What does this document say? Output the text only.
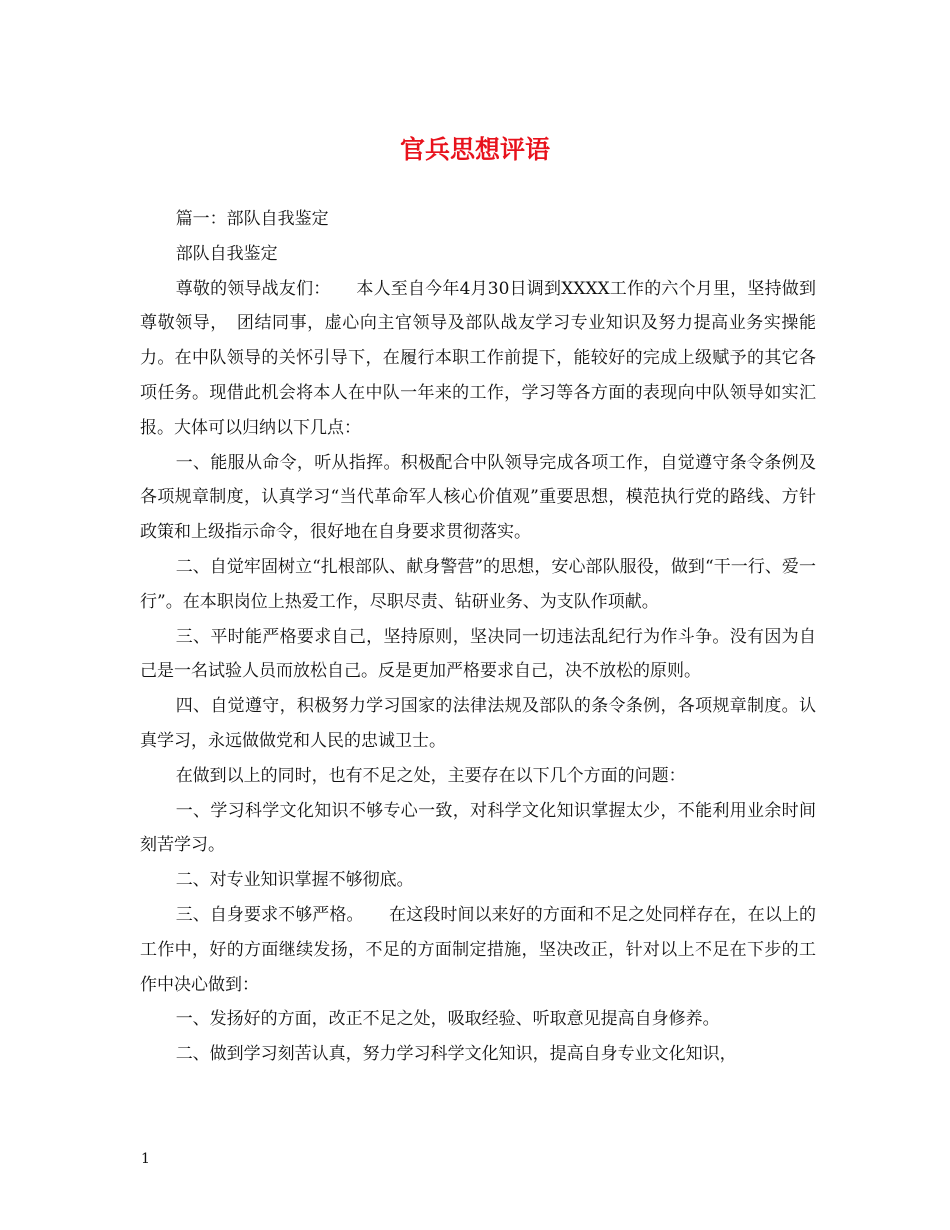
官兵思想评语

篇一：部队自我鉴定

部队自我鉴定

尊敬的领导战友们：　　本人至自今年4月30日调到XXXX工作的六个月里，坚持做到尊敬领导，　团结同事，虚心向主官领导及部队战友学习专业知识及努力提高业务实操能力。在中队领导的关怀引导下，在履行本职工作前提下，能较好的完成上级赋予的其它各项任务。现借此机会将本人在中队一年来的工作，学习等各方面的表现向中队领导如实汇报。大体可以归纳以下几点：

一、能服从命令，听从指挥。积极配合中队领导完成各项工作，自觉遵守条令条例及各项规章制度，认真学习“当代革命军人核心价值观”重要思想，模范执行党的路线、方针政策和上级指示命令，很好地在自身要求贯彻落实。

二、自觉牢固树立“扎根部队、献身警营”的思想，安心部队服役，做到“干一行、爱一行”。在本职岗位上热爱工作，尽职尽责、钻研业务、为支队作项献。

三、平时能严格要求自己，坚持原则，坚决同一切违法乱纪行为作斗争。没有因为自己是一名试验人员而放松自己。反是更加严格要求自己，决不放松的原则。

四、自觉遵守，积极努力学习国家的法律法规及部队的条令条例，各项规章制度。认真学习，永远做做党和人民的忠诚卫士。

在做到以上的同时，也有不足之处，主要存在以下几个方面的问题：

一、学习科学文化知识不够专心一致，对科学文化知识掌握太少，不能利用业余时间刻苦学习。

二、对专业知识掌握不够彻底。

三、自身要求不够严格。　　在这段时间以来好的方面和不足之处同样存在，在以上的工作中，好的方面继续发扬，不足的方面制定措施，坚决改正，针对以上不足在下步的工作中决心做到：

一、发扬好的方面，改正不足之处，吸取经验、听取意见提高自身修养。

二、做到学习刻苦认真，努力学习科学文化知识，提高自身专业文化知识，

1
